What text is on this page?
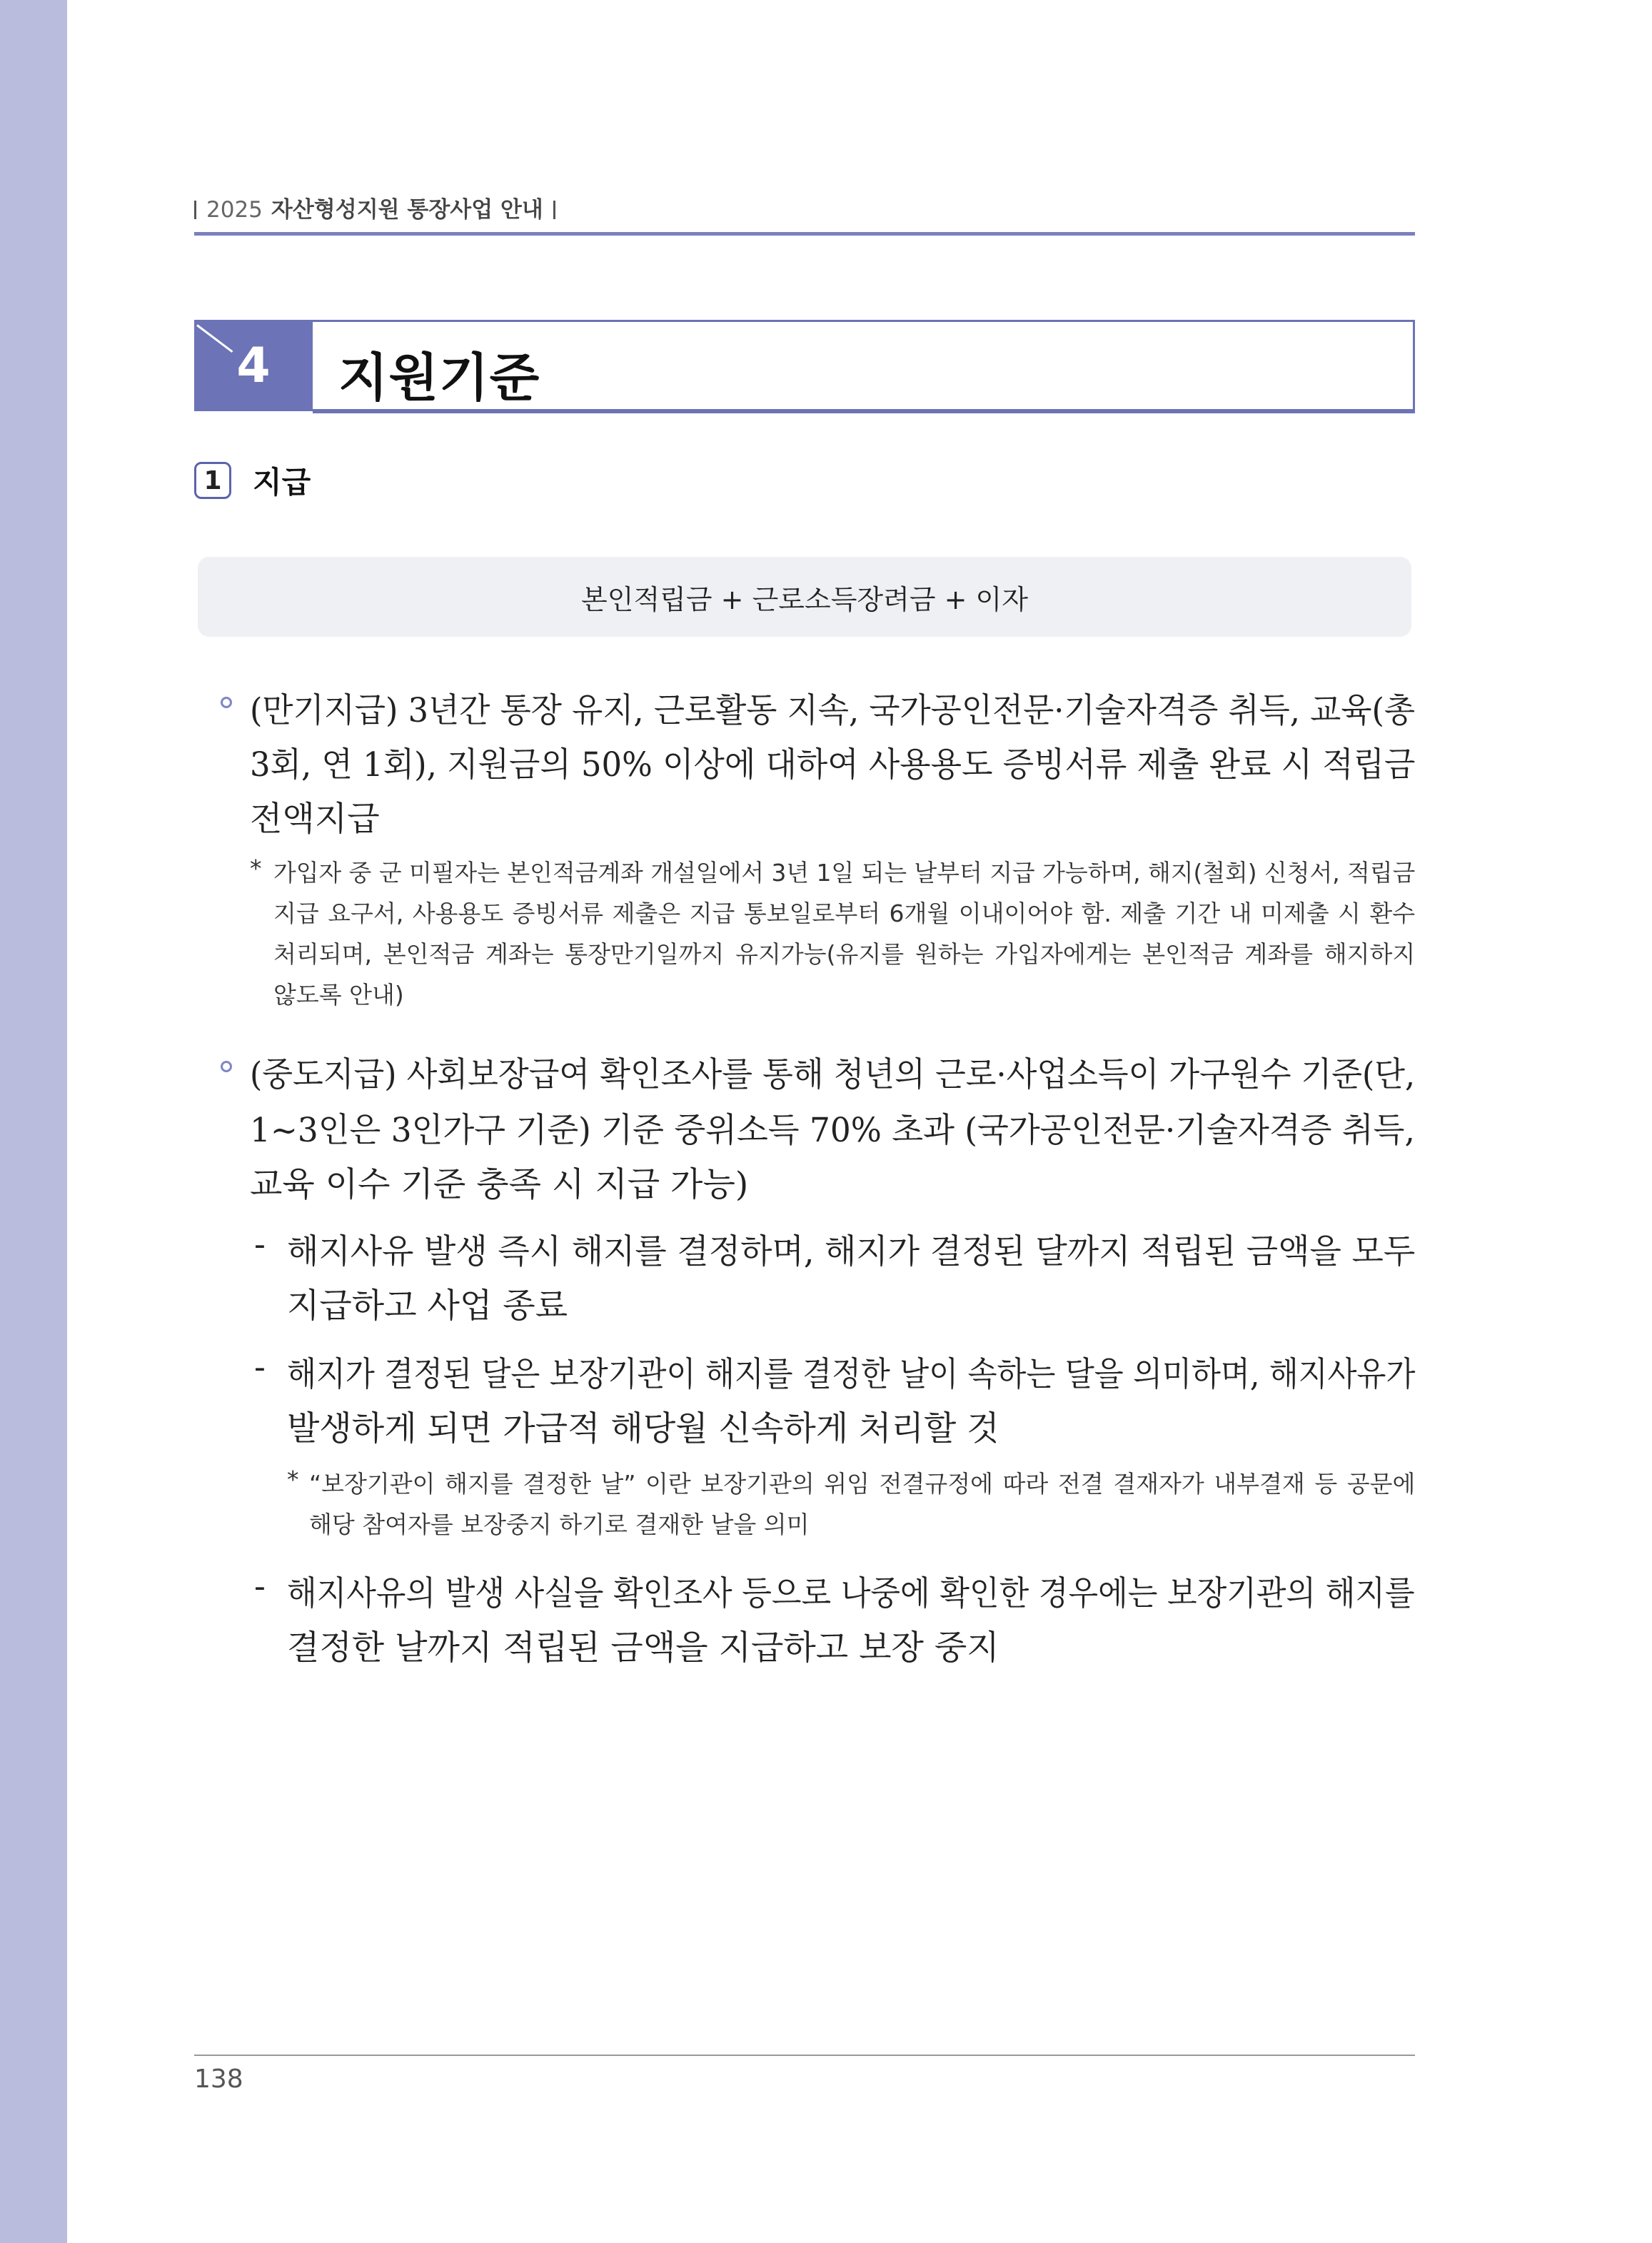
2025 자산형성지원 통장사업 안내
4 지원기준
1	지급
본인적립금 + 근로소득장려금 + 이자
(만기지급) 3년간 통장 유지, 근로활동 지속, 국가공인전문·기술자격증 취득, 교육(총
3회, 연 1회), 지원금의 50% 이상에 대하여 사용용도 증빙서류 제출 완료 시 적립금
전액지급
* 가입자 중 군 미필자는 본인적금계좌 개설일에서 3년 1일 되는 날부터 지급 가능하며, 해지(철회) 신청서, 적립금
지급 요구서, 사용용도 증빙서류 제출은 지급 통보일로부터 6개월 이내이어야 함. 제출 기간 내 미제출 시 환수
처리되며, 본인적금 계좌는 통장만기일까지 유지가능(유지를 원하는 가입자에게는 본인적금 계좌를 해지하지
않도록 안내)
(중도지급) 사회보장급여 확인조사를 통해 청년의 근로·사업소득이 가구원수 기준(단,
1~3인은 3인가구 기준) 기준 중위소득 70% 초과 (국가공인전문·기술자격증 취득,
교육 이수 기준 충족 시 지급 가능)
- 해지사유 발생 즉시 해지를 결정하며, 해지가 결정된 달까지 적립된 금액을 모두
지급하고 사업 종료
- 해지가 결정된 달은 보장기관이 해지를 결정한 날이 속하는 달을 의미하며, 해지사유가
발생하게 되면 가급적 해당월 신속하게 처리할 것
* “보장기관이 해지를 결정한 날” 이란 보장기관의 위임 전결규정에 따라 전결 결재자가 내부결재 등 공문에
해당 참여자를 보장중지 하기로 결재한 날을 의미
- 해지사유의 발생 사실을 확인조사 등으로 나중에 확인한 경우에는 보장기관의 해지를
결정한 날까지 적립된 금액을 지급하고 보장 중지
138
